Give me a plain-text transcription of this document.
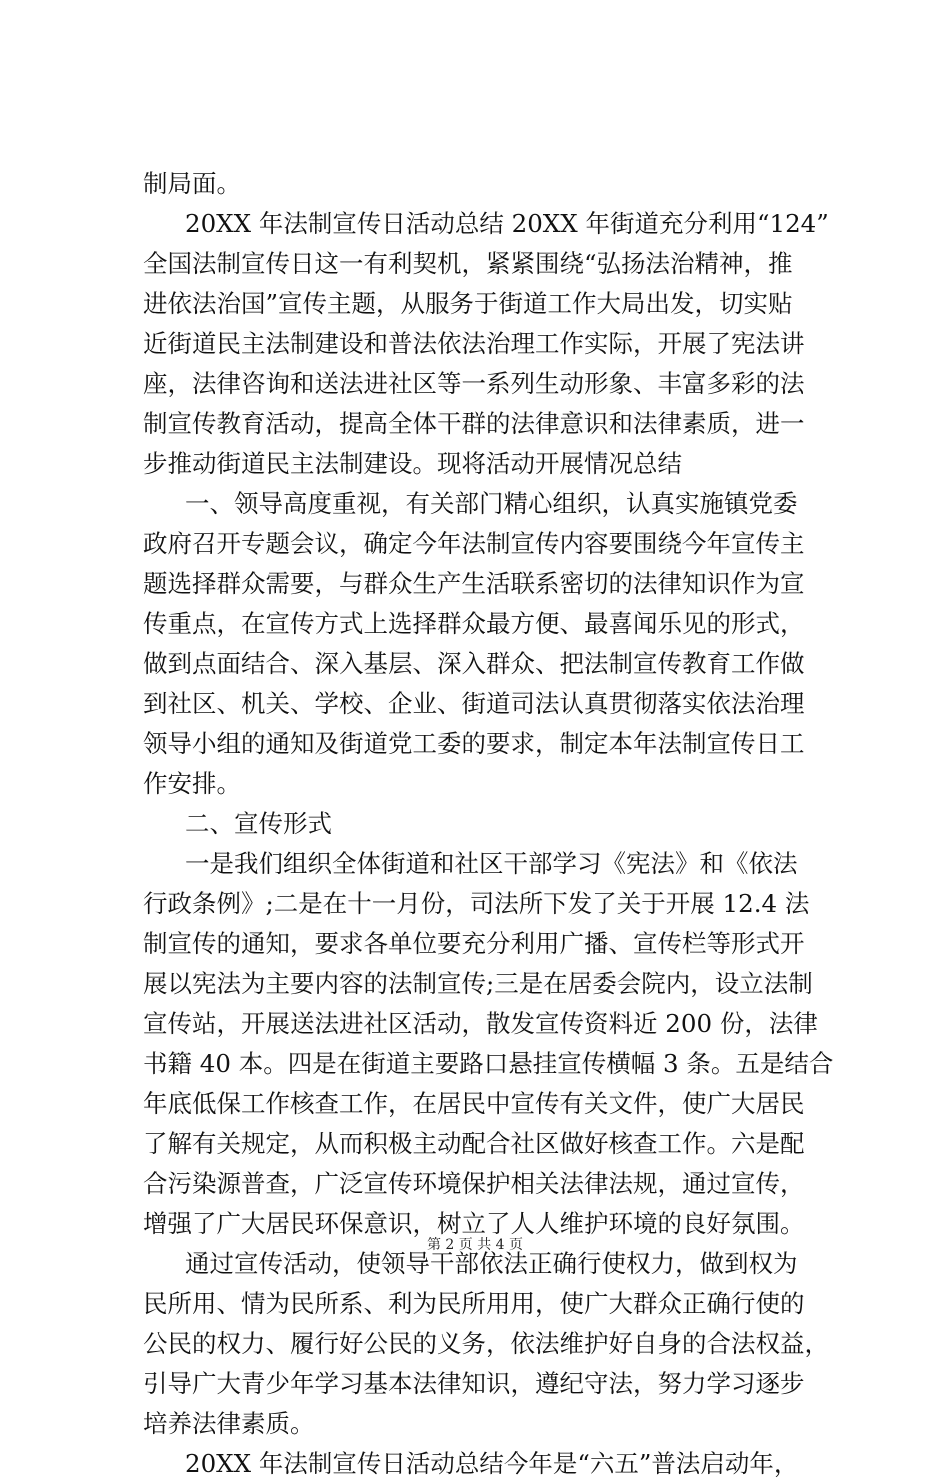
制局面。
20XX 年法制宣传日活动总结 20XX 年街道充分利用“124”
全国法制宣传日这一有利契机，紧紧围绕“弘扬法治精神，推
进依法治国”宣传主题，从服务于街道工作大局出发，切实贴
近街道民主法制建设和普法依法治理工作实际，开展了宪法讲
座，法律咨询和送法进社区等一系列生动形象、丰富多彩的法
制宣传教育活动，提高全体干群的法律意识和法律素质，进一
步推动街道民主法制建设。现将活动开展情况总结
一、领导高度重视，有关部门精心组织，认真实施镇党委
政府召开专题会议，确定今年法制宣传内容要围绕今年宣传主
题选择群众需要，与群众生产生活联系密切的法律知识作为宣
传重点，在宣传方式上选择群众最方便、最喜闻乐见的形式，
做到点面结合、深入基层、深入群众、把法制宣传教育工作做
到社区、机关、学校、企业、街道司法认真贯彻落实依法治理
领导小组的通知及街道党工委的要求，制定本年法制宣传日工
作安排。
二、宣传形式
一是我们组织全体街道和社区干部学习《宪法》和《依法
行政条例》;二是在十一月份，司法所下发了关于开展 12.4 法
制宣传的通知，要求各单位要充分利用广播、宣传栏等形式开
展以宪法为主要内容的法制宣传;三是在居委会院内，设立法制
宣传站，开展送法进社区活动，散发宣传资料近 200 份，法律
书籍 40 本。四是在街道主要路口悬挂宣传横幅 3 条。五是结合
年底低保工作核查工作，在居民中宣传有关文件，使广大居民
了解有关规定，从而积极主动配合社区做好核查工作。六是配
合污染源普查，广泛宣传环境保护相关法律法规，通过宣传，
增强了广大居民环保意识，树立了人人维护环境的良好氛围。
通过宣传活动，使领导干部依法正确行使权力，做到权为
民所用、情为民所系、利为民所用用，使广大群众正确行使的
公民的权力、履行好公民的义务，依法维护好自身的合法权益，
引导广大青少年学习基本法律知识，遵纪守法，努力学习逐步
培养法律素质。
20XX 年法制宣传日活动总结今年是“六五”普法启动年，
第 2 页 共 4 页
